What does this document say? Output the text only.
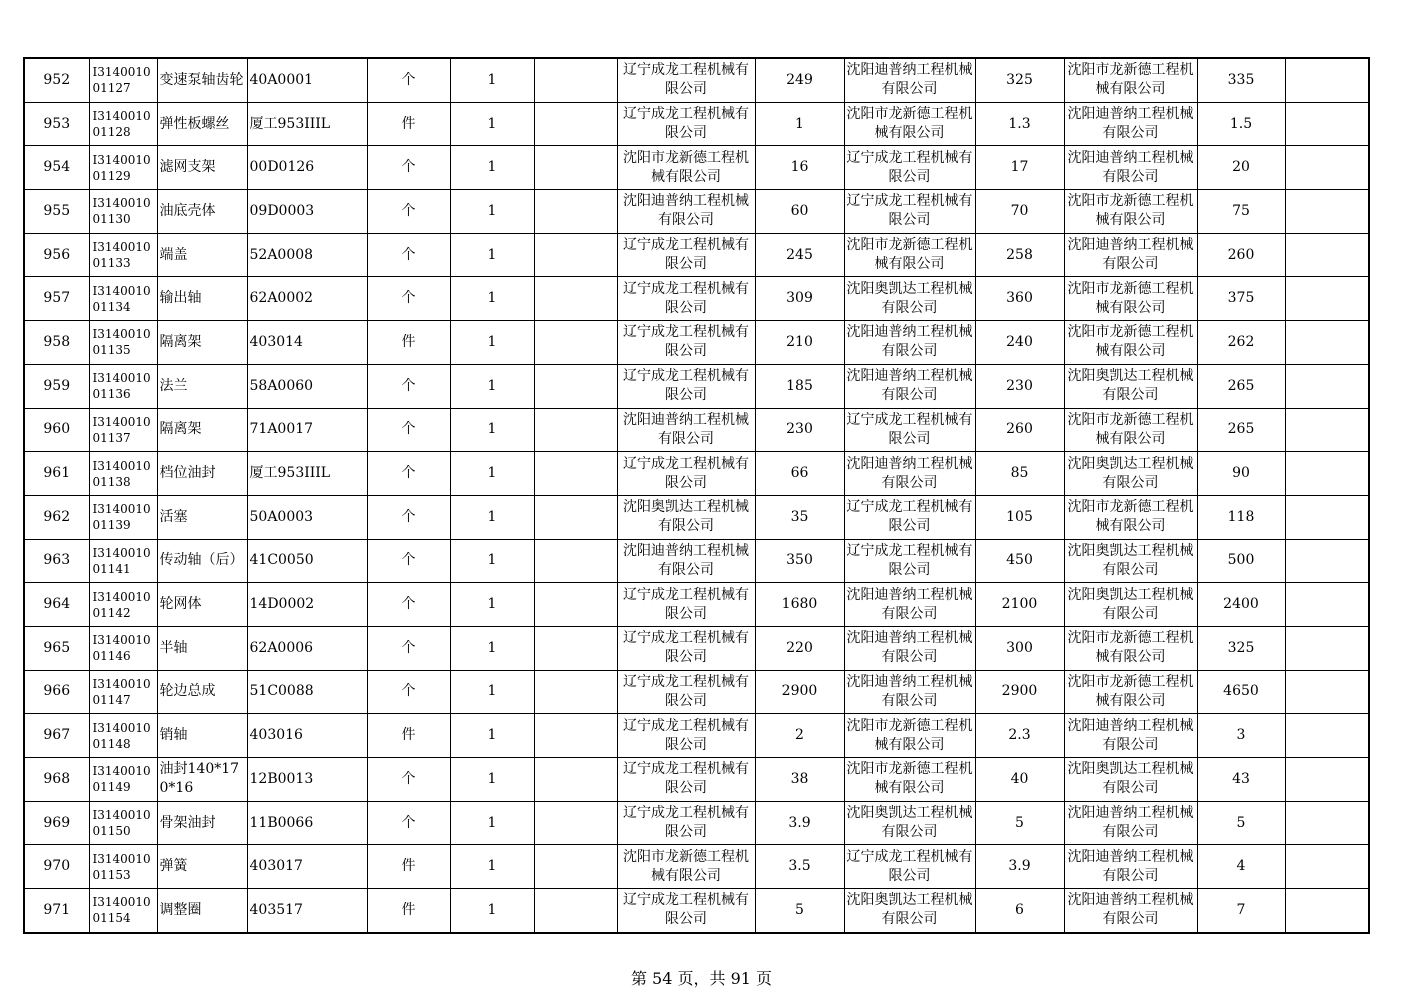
952	I314001001127	变速泵轴齿轮	40A0001	个	1		辽宁成龙工程机械有限公司	249	沈阳迪普纳工程机械有限公司	325	沈阳市龙新德工程机械有限公司	335	
953	I314001001128	弹性板螺丝	厦工953IIIL	件	1		辽宁成龙工程机械有限公司	1	沈阳市龙新德工程机械有限公司	1.3	沈阳迪普纳工程机械有限公司	1.5	
954	I314001001129	滤网支架	00D0126	个	1		沈阳市龙新德工程机械有限公司	16	辽宁成龙工程机械有限公司	17	沈阳迪普纳工程机械有限公司	20	
955	I314001001130	油底壳体	09D0003	个	1		沈阳迪普纳工程机械有限公司	60	辽宁成龙工程机械有限公司	70	沈阳市龙新德工程机械有限公司	75	
956	I314001001133	端盖	52A0008	个	1		辽宁成龙工程机械有限公司	245	沈阳市龙新德工程机械有限公司	258	沈阳迪普纳工程机械有限公司	260	
957	I314001001134	输出轴	62A0002	个	1		辽宁成龙工程机械有限公司	309	沈阳奥凯达工程机械有限公司	360	沈阳市龙新德工程机械有限公司	375	
958	I314001001135	隔离架	403014	件	1		辽宁成龙工程机械有限公司	210	沈阳迪普纳工程机械有限公司	240	沈阳市龙新德工程机械有限公司	262	
959	I314001001136	法兰	58A0060	个	1		辽宁成龙工程机械有限公司	185	沈阳迪普纳工程机械有限公司	230	沈阳奥凯达工程机械有限公司	265	
960	I314001001137	隔离架	71A0017	个	1		沈阳迪普纳工程机械有限公司	230	辽宁成龙工程机械有限公司	260	沈阳市龙新德工程机械有限公司	265	
961	I314001001138	档位油封	厦工953IIIL	个	1		辽宁成龙工程机械有限公司	66	沈阳迪普纳工程机械有限公司	85	沈阳奥凯达工程机械有限公司	90	
962	I314001001139	活塞	50A0003	个	1		沈阳奥凯达工程机械有限公司	35	辽宁成龙工程机械有限公司	105	沈阳市龙新德工程机械有限公司	118	
963	I314001001141	传动轴（后）	41C0050	个	1		沈阳迪普纳工程机械有限公司	350	辽宁成龙工程机械有限公司	450	沈阳奥凯达工程机械有限公司	500	
964	I314001001142	轮网体	14D0002	个	1		辽宁成龙工程机械有限公司	1680	沈阳迪普纳工程机械有限公司	2100	沈阳奥凯达工程机械有限公司	2400	
965	I314001001146	半轴	62A0006	个	1		辽宁成龙工程机械有限公司	220	沈阳迪普纳工程机械有限公司	300	沈阳市龙新德工程机械有限公司	325	
966	I314001001147	轮边总成	51C0088	个	1		辽宁成龙工程机械有限公司	2900	沈阳迪普纳工程机械有限公司	2900	沈阳市龙新德工程机械有限公司	4650	
967	I314001001148	销轴	403016	件	1		辽宁成龙工程机械有限公司	2	沈阳市龙新德工程机械有限公司	2.3	沈阳迪普纳工程机械有限公司	3	
968	I314001001149	油封140*170*16	12B0013	个	1		辽宁成龙工程机械有限公司	38	沈阳市龙新德工程机械有限公司	40	沈阳奥凯达工程机械有限公司	43	
969	I314001001150	骨架油封	11B0066	个	1		辽宁成龙工程机械有限公司	3.9	沈阳奥凯达工程机械有限公司	5	沈阳迪普纳工程机械有限公司	5	
970	I314001001153	弹簧	403017	件	1		沈阳市龙新德工程机械有限公司	3.5	辽宁成龙工程机械有限公司	3.9	沈阳迪普纳工程机械有限公司	4	
971	I314001001154	调整圈	403517	件	1		辽宁成龙工程机械有限公司	5	沈阳奥凯达工程机械有限公司	6	沈阳迪普纳工程机械有限公司	7	
第 54 页，共 91 页
